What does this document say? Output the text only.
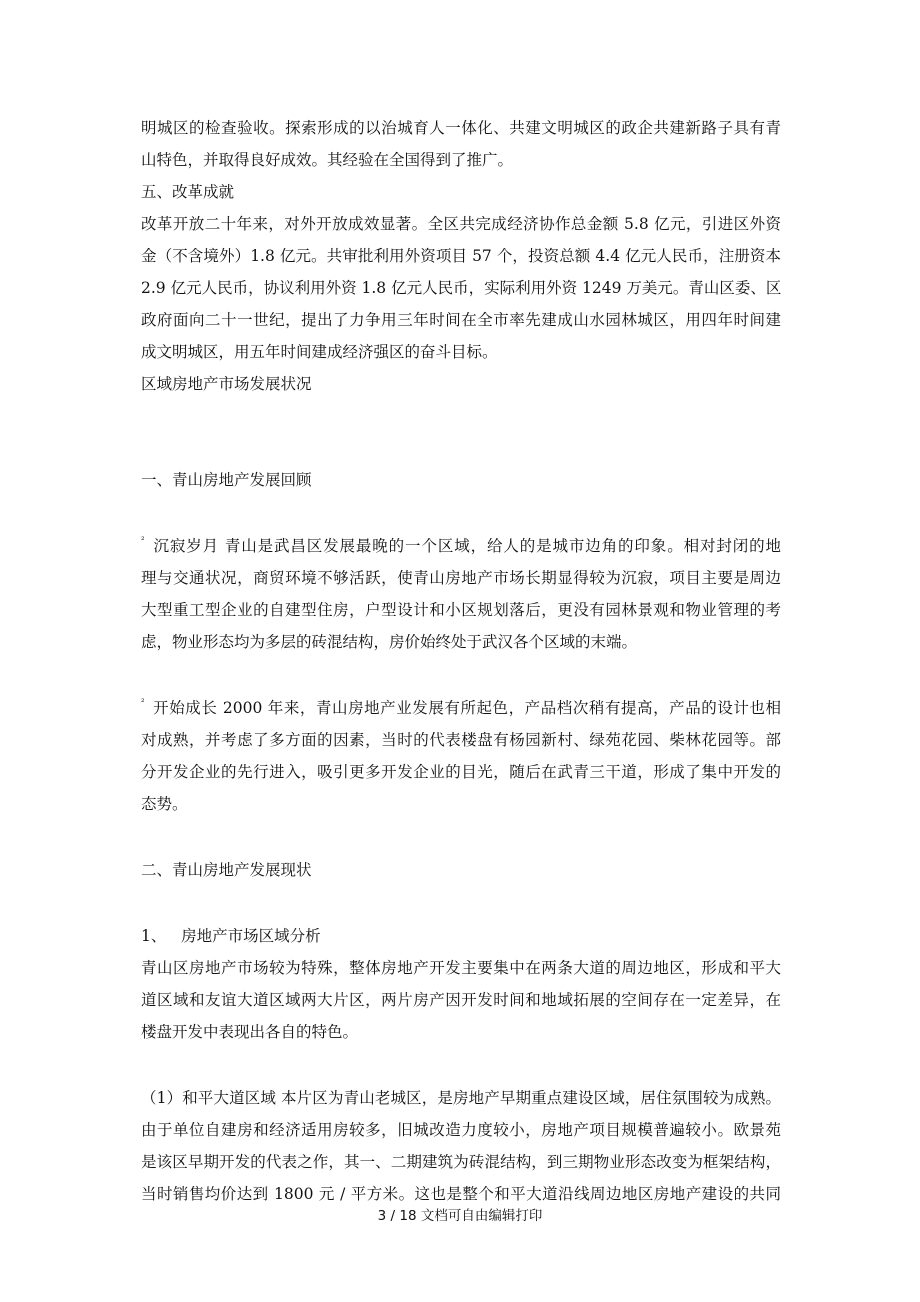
明城区的检查验收。探索形成的以治城育人一体化、共建文明城区的政企共建新路子具有青
山特色，并取得良好成效。其经验在全国得到了推广。
五、改革成就
改革开放二十年来，对外开放成效显著。全区共完成经济协作总金额 5.8 亿元，引进区外资
金（不含境外）1.8 亿元。共审批利用外资项目 57 个，投资总额 4.4 亿元人民币，注册资本
2.9 亿元人民币，协议利用外资 1.8 亿元人民币，实际利用外资 1249 万美元。青山区委、区
政府面向二十一世纪，提出了力争用三年时间在全市率先建成山水园林城区，用四年时间建
成文明城区，用五年时间建成经济强区的奋斗目标。
区域房地产市场发展状况
一、青山房地产发展回顾
² 沉寂岁月 青山是武昌区发展最晚的一个区域，给人的是城市边角的印象。相对封闭的地
理与交通状况，商贸环境不够活跃，使青山房地产市场长期显得较为沉寂，项目主要是周边
大型重工型企业的自建型住房，户型设计和小区规划落后，更没有园林景观和物业管理的考
虑，物业形态均为多层的砖混结构，房价始终处于武汉各个区域的末端。
² 开始成长 2000 年来，青山房地产业发展有所起色，产品档次稍有提高，产品的设计也相
对成熟，并考虑了多方面的因素，当时的代表楼盘有杨园新村、绿苑花园、柴林花园等。部
分开发企业的先行进入，吸引更多开发企业的目光，随后在武青三干道，形成了集中开发的
态势。
二、青山房地产发展现状
1、   房地产市场区域分析
青山区房地产市场较为特殊，整体房地产开发主要集中在两条大道的周边地区，形成和平大
道区域和友谊大道区域两大片区，两片房产因开发时间和地域拓展的空间存在一定差异，在
楼盘开发中表现出各自的特色。
（1）和平大道区域 本片区为青山老城区，是房地产早期重点建设区域，居住氛围较为成熟。
由于单位自建房和经济适用房较多，旧城改造力度较小，房地产项目规模普遍较小。欧景苑
是该区早期开发的代表之作，其一、二期建筑为砖混结构，到三期物业形态改变为框架结构，
当时销售均价达到 1800 元 / 平方米。这也是整个和平大道沿线周边地区房地产建设的共同
3 / 18 文档可自由编辑打印
